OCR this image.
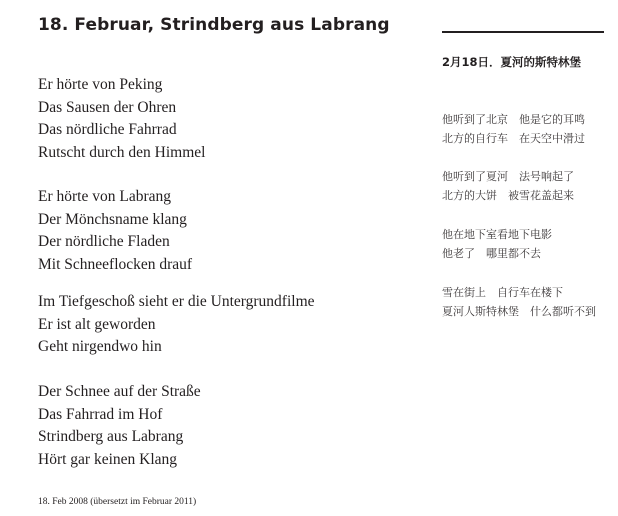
18. Februar, Strindberg aus Labrang
2月18日．夏河的斯特林堡
Er hörte von Peking
Das Sausen der Ohren
Das nördliche Fahrrad
Rutscht durch den Himmel
Er hörte von Labrang
Der Mönchsname klang
Der nördliche Fladen
Mit Schneeflocken drauf
Im Tiefgeschoß sieht er die Untergrundfilme
Er ist alt geworden
Geht nirgendwo hin
Der Schnee auf der Straße
Das Fahrrad im Hof
Strindberg aus Labrang
Hört gar keinen Klang
他听到了北京　他是它的耳鸣
北方的自行车　在天空中滑过
他听到了夏河　法号响起了
北方的大饼　被雪花盖起来
他在地下室看地下电影
他老了　哪里都不去
雪在街上　自行车在楼下
夏河人斯特林堡　什么都听不到
18. Feb 2008 (übersetzt im Februar 2011)
